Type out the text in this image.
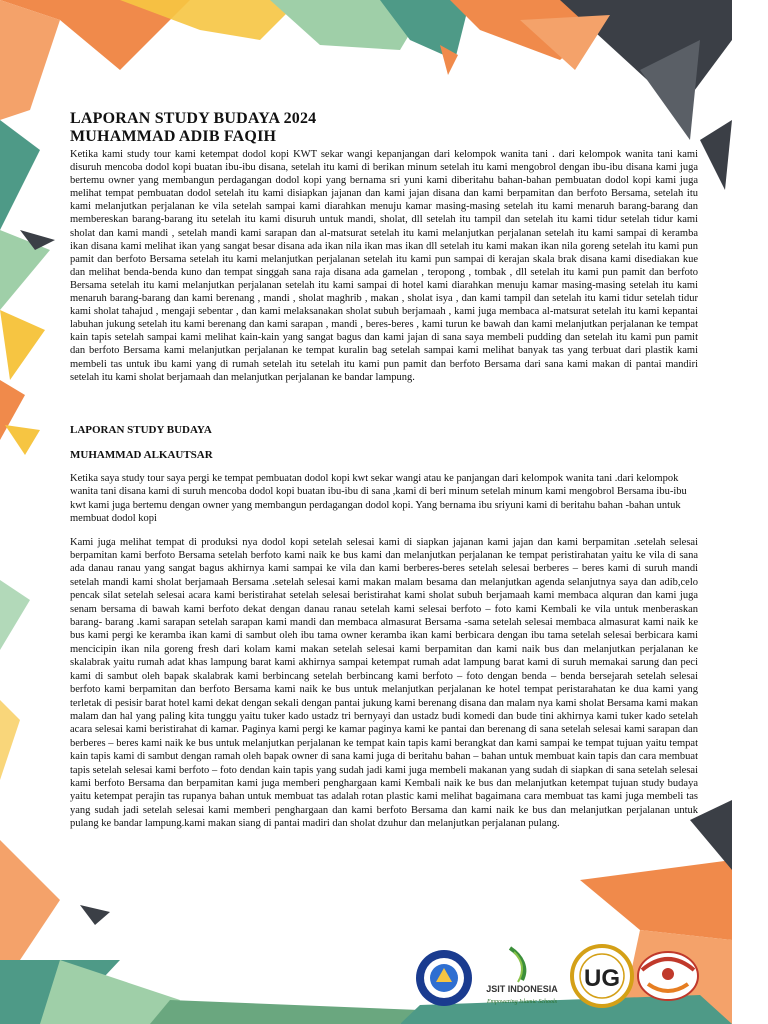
LAPORAN STUDY BUDAYA 2024
MUHAMMAD ADIB FAQIH

Ketika kami study tour kami ketempat dodol kopi KWT sekar wangi kepanjangan dari kelompok wanita tani . dari kelompok wanita tani kami disuruh mencoba dodol kopi buatan ibu-ibu disana, setelah itu kami di berikan minum setelah itu kami mengobrol dengan ibu-ibu disana kami juga bertemu owner yang membangun perdagangan dodol kopi yang bernama sri yuni kami diberitahu bahan-bahan pembuatan dodol kopi kami juga melihat tempat pembuatan dodol setelah itu kami disiapkan jajanan dan kami jajan disana dan kami berpamitan dan berfoto Bersama, setelah itu kami melanjutkan perjalanan ke vila setelah sampai kami diarahkan menuju kamar masing-masing setelah itu kami menaruh barang-barang dan membereskan barang-barang itu setelah itu kami disuruh untuk mandi, sholat, dll setelah itu tampil dan setelah itu kami tidur setelah tidur kami sholat dan kami mandi , setelah mandi kami sarapan dan al-matsurat setelah itu kami melanjutkan perjalanan setelah itu kami sampai di keramba ikan disana kami melihat ikan yang sangat besar disana ada ikan nila ikan mas ikan dll setelah itu kami makan ikan nila goreng setelah itu kami pun pamit dan berfoto Bersama setelah itu kami melanjutkan perjalanan setelah itu kami pun sampai di kerajan skala brak disana kami disediakan kue dan melihat benda-benda kuno dan tempat singgah sana raja disana ada gamelan , teropong , tombak , dll setelah itu kami pun pamit dan berfoto Bersama setelah itu kami melanjutkan perjalanan setelah itu kami sampai di hotel kami diarahkan menuju kamar masing-masing setelah itu kami menaruh barang-barang dan kami berenang , mandi , sholat maghrib , makan , sholat isya , dan kami tampil dan setelah itu kami tidur setelah tidur kami sholat tahajud , mengaji sebentar , dan kami melaksanakan sholat subuh berjamaah , kami juga membaca al-matsurat setelah itu kami kepantai labuhan jukung setelah itu kami berenang dan kami sarapan , mandi , beres-beres , kami turun ke bawah dan kami melanjutkan perjalanan ke tempat kain tapis setelah sampai kami melihat kain-kain yang sangat bagus dan kami jajan di sana saya membeli pudding dan setelah itu kami pun pamit dan berfoto Bersama kami melanjutkan perjalanan ke tempat kuralin bag setelah sampai kami melihat banyak tas yang terbuat dari plastik kami membeli tas untuk ibu kami yang di rumah setelah itu setelah itu kami pun pamit dan berfoto Bersama dari sana kami makan di pantai mandiri setelah itu kami sholat berjamaah dan melanjutkan perjalanan ke bandar lampung.

LAPORAN STUDY BUDAYA
MUHAMMAD ALKAUTSAR

Ketika saya study tour saya pergi ke tempat pembuatan dodol kopi kwt sekar wangi atau ke panjangan dari kelompok wanita tani .dari kelompok wanita tani disana kami di suruh mencoba dodol kopi buatan ibu-ibu di sana ,kami di beri minum setelah minum kami mengobrol Bersama ibu-ibu kwt kami juga bertemu dengan owner yang membangun perdagangan dodol kopi. Yang bernama ibu sriyuni kami di beritahu bahan -bahan untuk membuat dodol kopi

Kami juga melihat tempat di produksi nya dodol kopi setelah selesai kami di siapkan jajanan kami jajan dan kami berpamitan .setelah selesai berpamitan kami berfoto Bersama setelah berfoto kami naik ke bus kami dan melanjutkan perjalanan ke tempat peristirahatan yaitu ke vila di sana ada danau ranau yang sangat bagus akhirnya kami sampai ke vila dan kami berberes-beres setelah selesai berberes – beres kami di suruh mandi setelah mandi kami sholat berjamaah Bersama .setelah selesai kami makan malam besama dan melanjutkan agenda selanjutnya saya dan adib,celo pencak silat setelah selesai acara kami beristirahat setelah selesai beristirahat kami sholat subuh berjamaah kami membaca alquran dan kami juga senam bersama di bawah kami berfoto dekat dengan danau ranau setelah kami selesai berfoto – foto kami Kembali ke vila untuk menberaskan barang- barang .kami sarapan setelah sarapan kami mandi dan membaca almasurat Bersama -sama setelah selesai membaca almasurat kami naik ke bus kami pergi ke keramba ikan kami di sambut oleh ibu tama owner keramba ikan kami berbicara dengan ibu tama setelah selesai berbicara kami mencicipin ikan nila goreng fresh dari kolam kami makan setelah selesai kami berpamitan dan kami naik bus dan melanjutkan perjalanan ke skalabrak yaitu rumah adat khas lampung barat kami akhirnya sampai ketempat rumah adat lampung barat kami di suruh memakai sarung dan peci kami di sambut oleh bapak skalabrak kami berbincang setelah berbincang kami berfoto – foto dengan benda – benda bersejarah setelah selesai berfoto kami berpamitan dan berfoto Bersama kami naik ke bus untuk melanjutkan perjalanan ke hotel tempat peristarahatan ke dua kami yang terletak di pesisir barat hotel kami dekat dengan sekali dengan pantai jukung kami berenang disana dan malam nya kami sholat Bersama kami makan malam dan hal yang paling kita tunggu yaitu tuker kado ustadz tri bernyayi dan ustadz budi komedi dan bude tini akhirnya kami tuker kado setelah acara selesai kami beristirahat di kamar. Paginya kami pergi ke kamar paginya kami ke pantai dan berenang di sana setelah selesai kami sarapan dan berberes – beres kami naik ke bus untuk melanjutkan perjalanan ke tempat kain tapis kami berangkat dan kami sampai ke tempat tujuan yaitu tempat kain tapis kami di sambut dengan ramah oleh bapak owner di sana kami juga di beritahu bahan – bahan untuk membuat kain tapis dan cara membuat tapis setelah selesai kami berfoto – foto dendan kain tapis yang sudah jadi kami juga membeli makanan yang sudah di siapkan di sana setelah selesai kami berfoto Bersama dan berpamitan kami juga memberi penghargaan kami Kembali naik ke bus dan melanjutkan ketempat tujuan study budaya yaitu ketempat perajin tas rupanya bahan untuk membuat tas adalah rotan plastic kami melihat bagaimana cara membuat tas kami juga membeli tas yang sudah jadi setelah selesai kami memberi penghargaan dan kami berfoto Bersama dan kami naik ke bus dan melanjutkan perjalanan untuk pulang ke bandar lampung.kami makan siang di pantai madiri dan sholat dzuhur dan melanjutkan perjalanan pulang.

JSIT INDONESIA
Empowering Islamic Schools
UG
